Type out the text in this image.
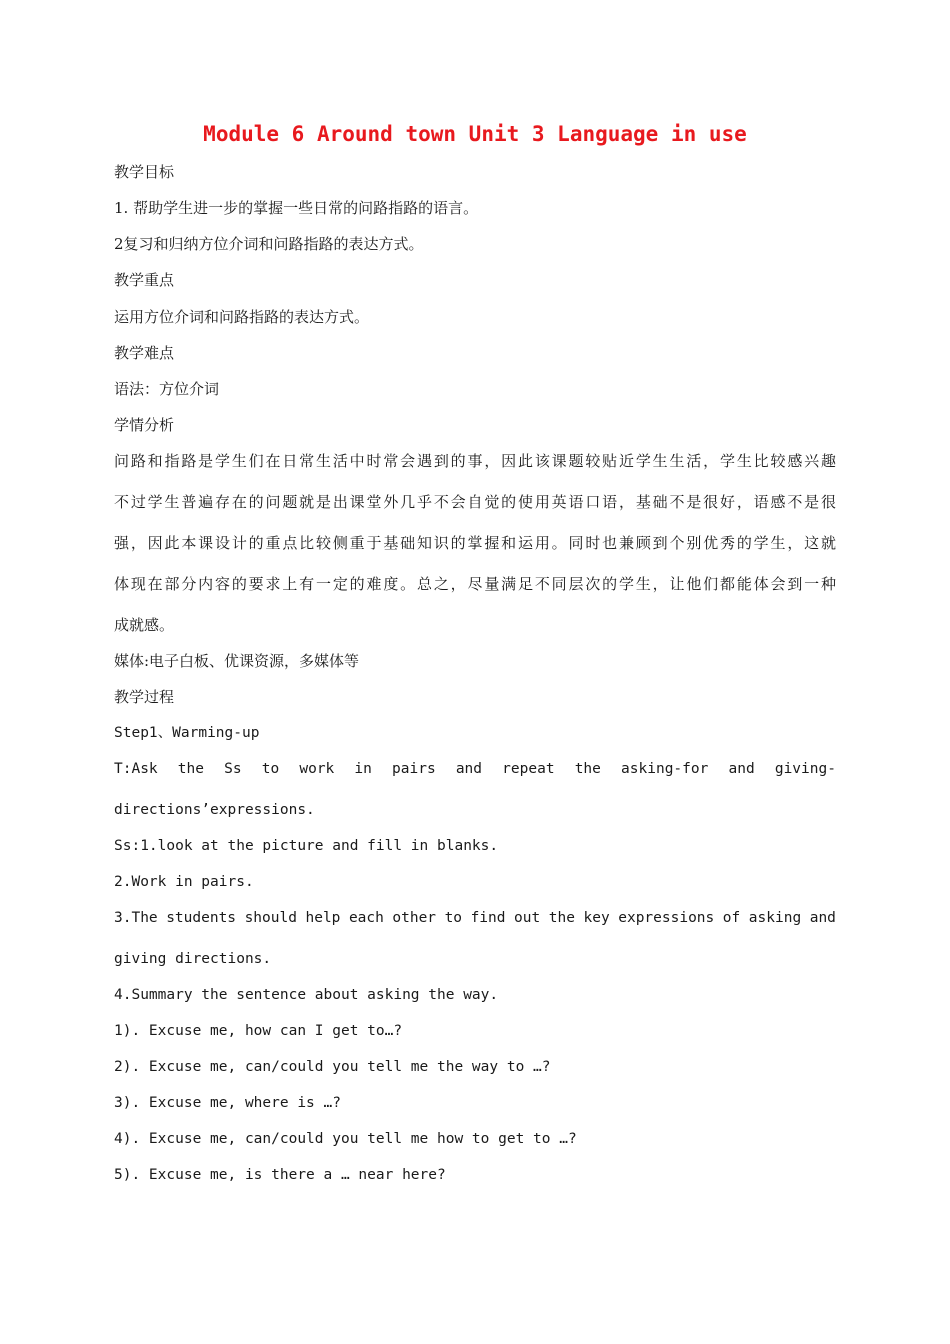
Module 6 Around town Unit 3 Language in use
教学目标
1. 帮助学生进一步的掌握一些日常的问路指路的语言。
2复习和归纳方位介词和问路指路的表达方式。
教学重点
运用方位介词和问路指路的表达方式。
教学难点
语法：方位介词
学情分析
问路和指路是学生们在日常生活中时常会遇到的事，因此该课题较贴近学生生活，学生比较感兴趣
不过学生普遍存在的问题就是出课堂外几乎不会自觉的使用英语口语，基础不是很好，语感不是很
强，因此本课设计的重点比较侧重于基础知识的掌握和运用。同时也兼顾到个别优秀的学生，这就
体现在部分内容的要求上有一定的难度。总之，尽量满足不同层次的学生，让他们都能体会到一种
成就感。
媒体:电子白板、优课资源，多媒体等
教学过程
Step1、Warming-up
T:Ask the Ss to work in pairs and repeat the asking-for and giving-
directions’expressions.
Ss:1.look at the picture and fill in blanks.
2.Work in pairs.
3.The students should help each other to find out the key expressions of asking and
giving directions.
4.Summary the sentence about asking the way.
1). Excuse me, how can I get to…?
2). Excuse me, can/could you tell me the way to …?
3). Excuse me, where is …?
4). Excuse me, can/could you tell me how to get to …?
5). Excuse me, is there a … near here?
